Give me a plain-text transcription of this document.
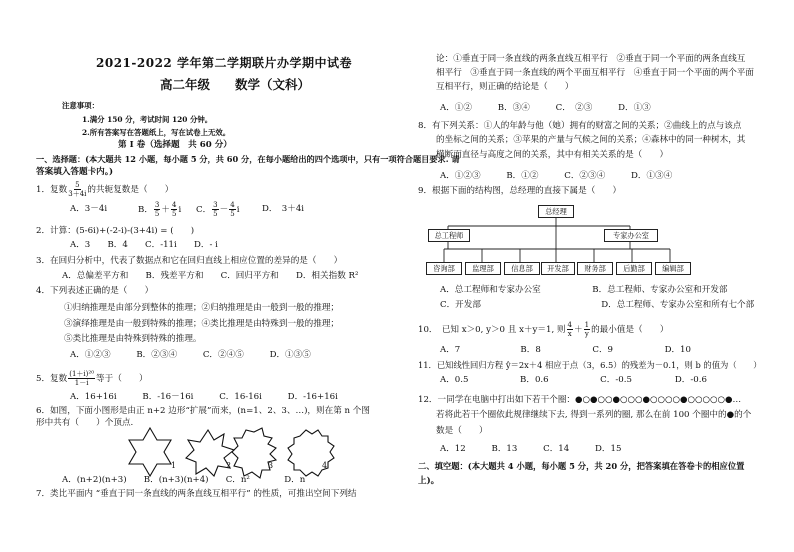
2021-2022 学年第二学期联片办学期中试卷
高二年级　　数学（文科）
注意事项：
1.满分 150 分，考试时间 120 分钟。
2.所有答案写在答题纸上，写在试卷上无效。
第 I 卷（选择题　共 60 分）
一、选择题：(本大题共 12 小题，每小题 5 分，共 60 分，在每小题给出的四个选项中，只有一项符合题目要求. 请
答案填入答题卡内。)
1．复数 $\frac{5}{3+4i}$ 的共轭复数是（　　）
A．3－4i	B． $\frac{3}{5} + \frac{4}{5}$ i C． $\frac{3}{5} - \frac{4}{5}$ i	D．　3＋4i
2．计算：(5-6i)+(-2-i)-(3+4i) = (　　)
A．3　　B．4　　C．-11i　　D．- i
3．在回归分析中，代表了数据点和它在回归直线上相应位置的差异的是（　　）
A．总偏差平方和　　B．残差平方和　　C．回归平方和　　D．相关指数 R²
4．下列表述正确的是（　　）
①归纳推理是由部分到整体的推理；②归纳推理是由一般到一般的推理；
③演绎推理是由一般到特殊的推理；④类比推理是由特殊到一般的推理；
⑤类比推理是由特殊到特殊的推理。
A．①②③　　　B．②③④　　　C．②④⑤　　　D．①③⑤
5．复数 $\frac{\text{(1＋i)²⁰}}{1-i}$ 等于（　　）
A．16+16i　　　B．-16－16i　　　C．16-16i　　　D．-16+16i
6．如图，下面小图形是由正 n+2 边形“扩展”而来，(n=1、2、3、…)，则在第 n 个图
形中共有（　　）个顶点.
1	2	3	4
A．(n+2)(n+3)　　B．(n+3)(n+4)　　C．n²　　　　D．n
7．类比平面内 “垂直于同一条直线的两条直线互相平行” 的性质，可推出空间下列结
论：①垂直于同一条直线的两条直线互相平行　②垂直于同一个平面的两条直线互
相平行　③垂直于同一条直线的两个平面互相平行　④垂直于同一个平面的两个平面
互相平行，则正确的结论是（　　）
A．①②　　　B．③④　　　C．　②③　　　D．①③
8．有下列关系：①人的年龄与他（她）拥有的财富之间的关系；②曲线上的点与该点
的坐标之间的关系；③苹果的产量与气候之间的关系；④森林中的同一种树木，其
横断面直径与高度之间的关系，其中有相关关系的是（　　）
A．①②③　　　B．①②　　　C．②③④　　　D．①③④
9．根据下面的结构图，总经理的直接下属是（　　）
总经理
总工程师	专家办公室
咨询部	监理部	信息部	开发部	财务部	后勤部	编辑部
A．总工程师和专家办公室　　　　　　B．总工程师、专家办公室和开发部
C．开发部　　　　　　　　　　　　　　D．总工程师、专家办公室和所有七个部
10．　已知 x＞0, y＞0 且 x＋y＝1, 则 $\frac{4}{x} + \frac{1}{y}$ 的最小值是（　　）
A．7　　　　　　　B．8　　　　　　C．9　　　　　　D．10
11．已知线性回归方程 ŷ＝2x＋4 相应于点（3，6.5）的残差为－0.1，则 b 的值为（　　）
A．0.5　　　　　　B．0.6　　　　　　C．-0.5　　　　　D．-0.6
12．一同学在电脑中打出如下若干个圈：●○●○○●○○○●○○○○●○○○○○●…
若将此若干个圈依此规律继续下去, 得到一系列的圈, 那么在前 100 个圈中的●的个
数是（　　）
A．12　　　B．13　　　C．14　　　D．15
二、填空题：(本大题共 4 小题，每小题 5 分，共 20 分，把答案填在答卷卡的相应位置
上)。
